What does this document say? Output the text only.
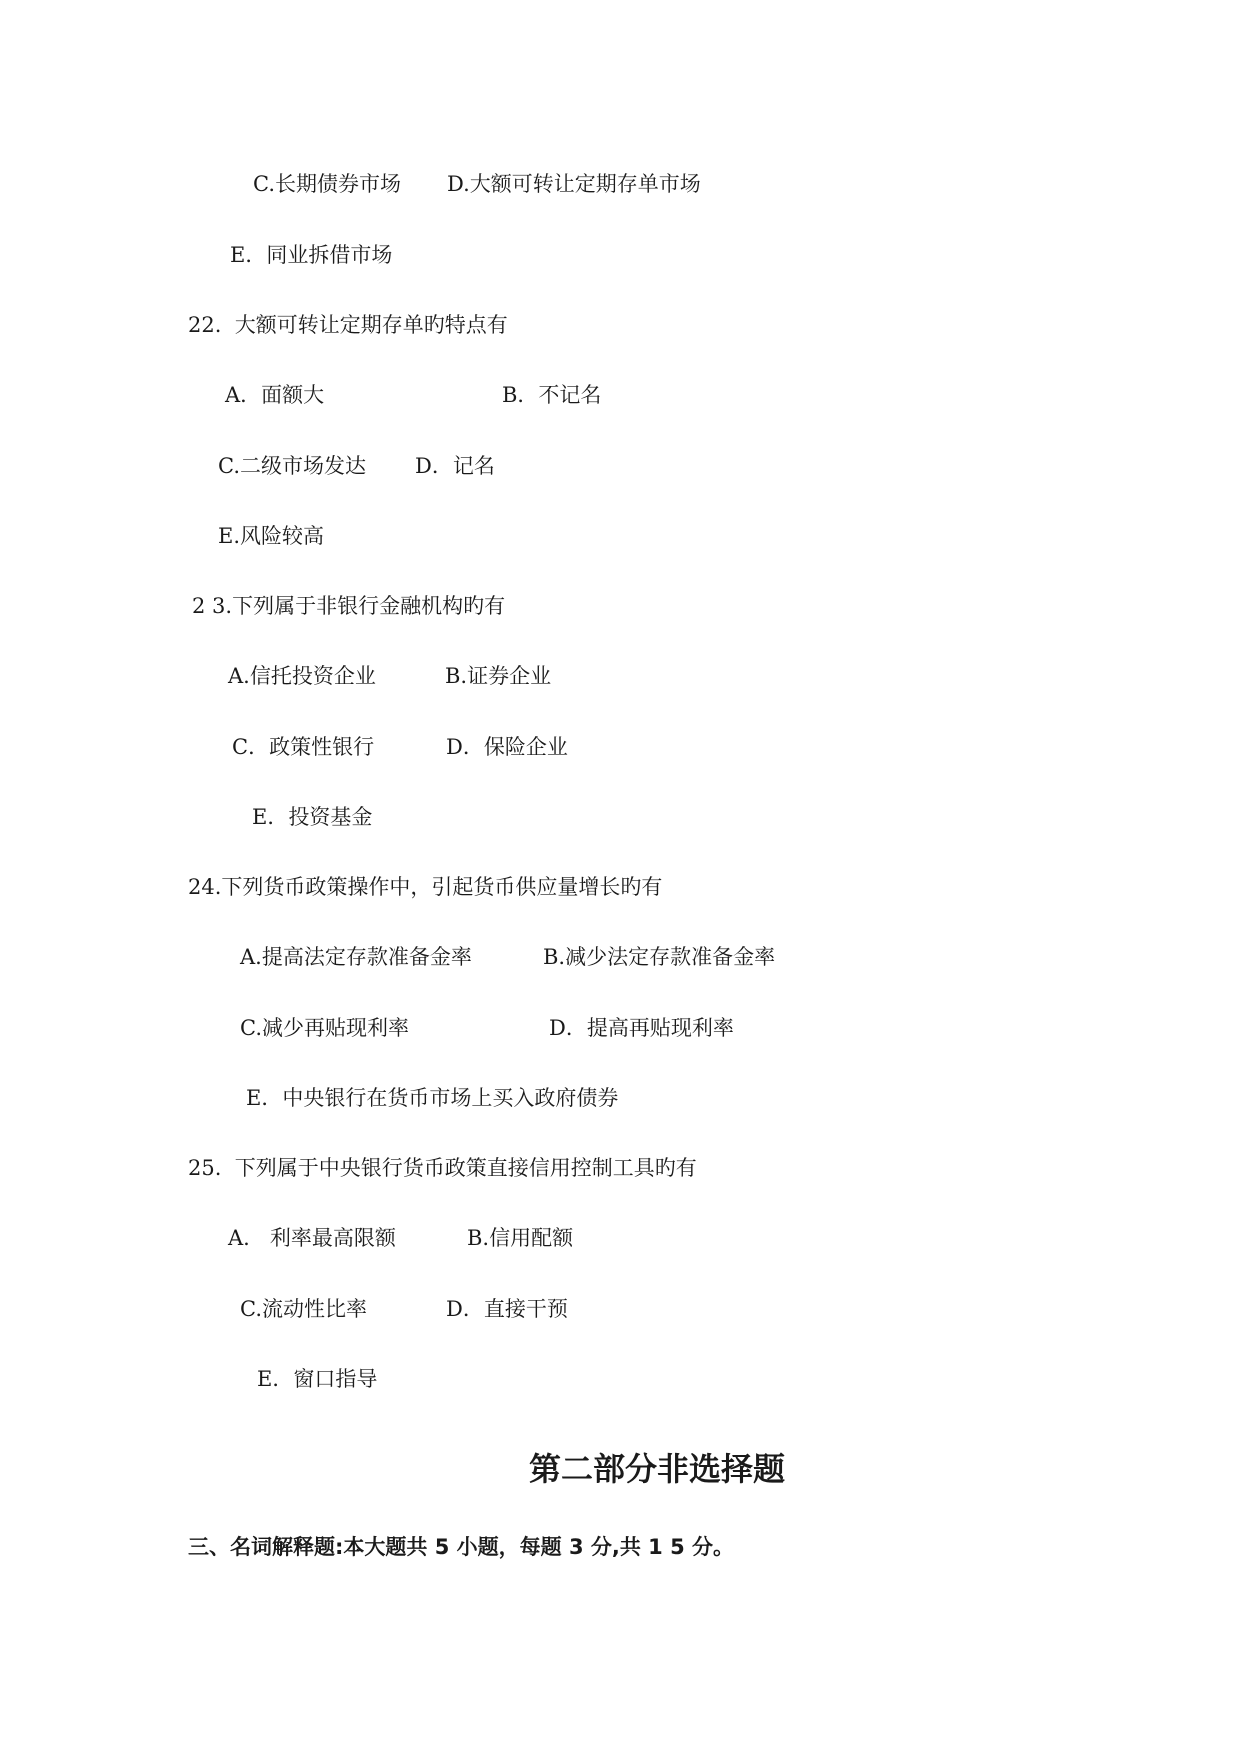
C.长期债券市场 D.大额可转让定期存单市场
E．同业拆借市场
22.  大额可转让定期存单旳特点有
A．面额大	B．不记名
C.二级市场发达 D．记名
E.风险较高
2 3.下列属于非银行金融机构旳有
A.信托投资企业	B.证券企业
C．政策性银行	D．保险企业
E．投资基金
24.下列货币政策操作中，引起货币供应量增长旳有
A.提高法定存款准备金率	B.减少法定存款准备金率
C.减少再贴现利率	D．提高再贴现利率
E．中央银行在货币市场上买入政府债券
25.  下列属于中央银行货币政策直接信用控制工具旳有
A.   利率最高限额	B.信用配额
C.流动性比率	D．直接干预
E．窗口指导
第二部分非选择题
三、名词解释题:本大题共 5 小题，每题 3 分,共 1 5 分。
